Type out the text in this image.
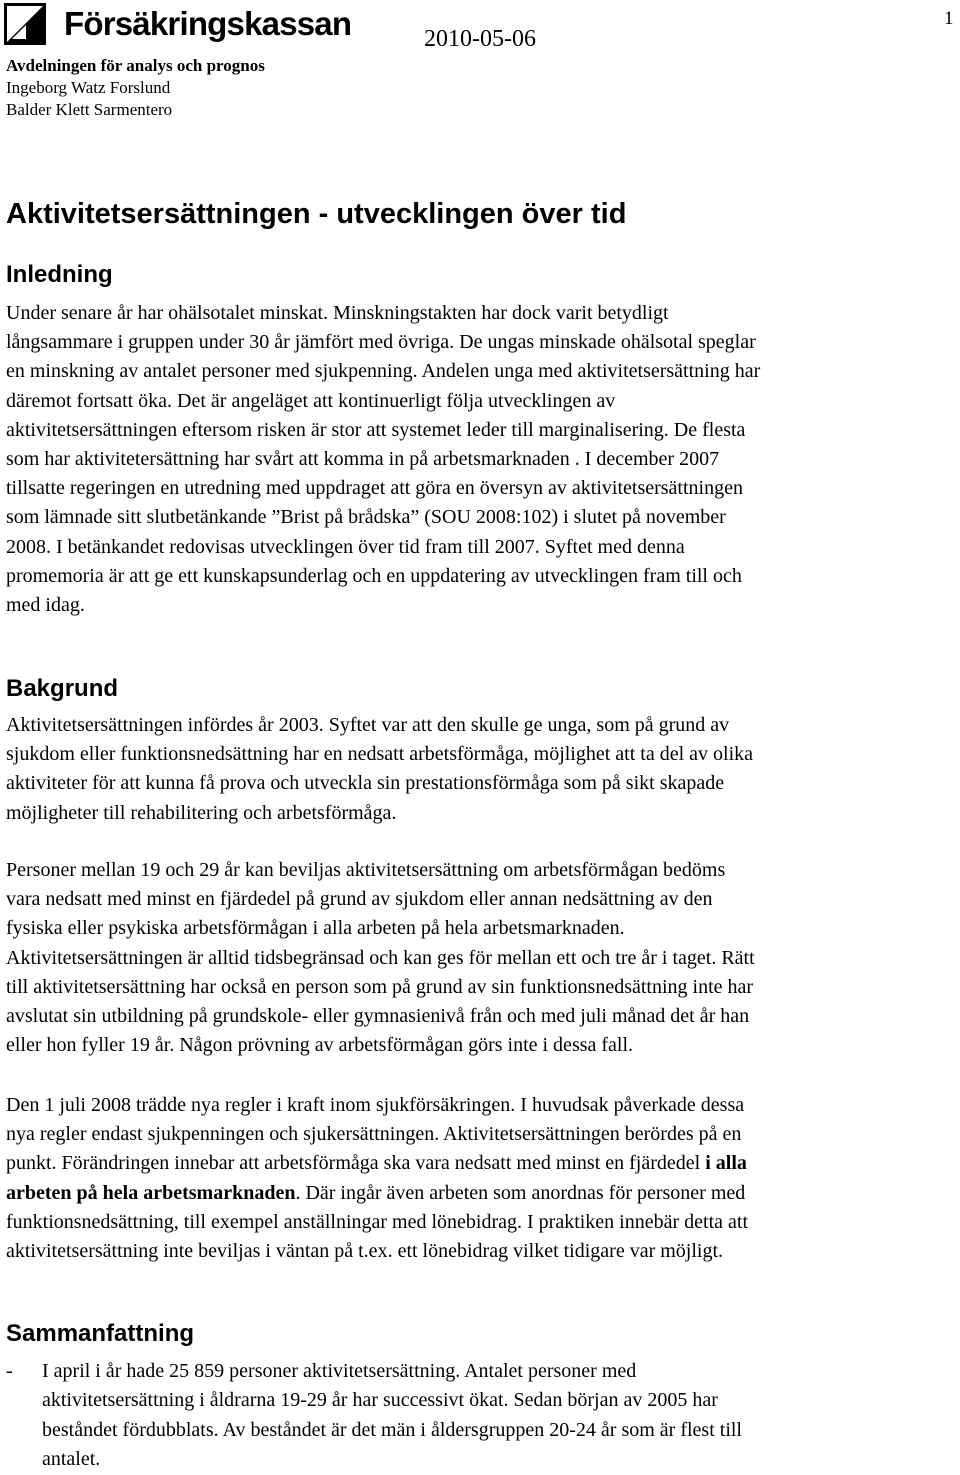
Försäkringskassan	2010-05-06
1
Avdelningen för analys och prognos
Ingeborg Watz Forslund
Balder Klett Sarmentero
Aktivitetsersättningen - utvecklingen över tid
Inledning
Under senare år har ohälsotalet minskat. Minskningstakten har dock varit betydligt
långsammare i gruppen under 30 år jämfört med övriga. De ungas minskade ohälsotal speglar
en minskning av antalet personer med sjukpenning. Andelen unga med aktivitetsersättning har
däremot fortsatt öka. Det är angeläget att kontinuerligt följa utvecklingen av
aktivitetsersättningen eftersom risken är stor att systemet leder till marginalisering. De flesta
som har aktivitetersättning har svårt att komma in på arbetsmarknaden . I december 2007
tillsatte regeringen en utredning med uppdraget att göra en översyn av aktivitetsersättningen
som lämnade sitt slutbetänkande ”Brist på brådska” (SOU 2008:102) i slutet på november
2008. I betänkandet redovisas utvecklingen över tid fram till 2007. Syftet med denna
promemoria är att ge ett kunskapsunderlag och en uppdatering av utvecklingen fram till och
med idag.
Bakgrund
Aktivitetsersättningen infördes år 2003. Syftet var att den skulle ge unga, som på grund av
sjukdom eller funktionsnedsättning har en nedsatt arbetsförmåga, möjlighet att ta del av olika
aktiviteter för att kunna få prova och utveckla sin prestationsförmåga som på sikt skapade
möjligheter till rehabilitering och arbetsförmåga.
Personer mellan 19 och 29 år kan beviljas aktivitetsersättning om arbetsförmågan bedöms
vara nedsatt med minst en fjärdedel på grund av sjukdom eller annan nedsättning av den
fysiska eller psykiska arbetsförmågan i alla arbeten på hela arbetsmarknaden.
Aktivitetsersättningen är alltid tidsbegränsad och kan ges för mellan ett och tre år i taget. Rätt
till aktivitetsersättning har också en person som på grund av sin funktionsnedsättning inte har
avslutat sin utbildning på grundskole- eller gymnasienivå från och med juli månad det år han
eller hon fyller 19 år. Någon prövning av arbetsförmågan görs inte i dessa fall.
Den 1 juli 2008 trädde nya regler i kraft inom sjukförsäkringen. I huvudsak påverkade dessa
nya regler endast sjukpenningen och sjukersättningen. Aktivitetsersättningen berördes på en
punkt. Förändringen innebar att arbetsförmåga ska vara nedsatt med minst en fjärdedel i alla
arbeten på hela arbetsmarknaden. Där ingår även arbeten som anordnas för personer med
funktionsnedsättning, till exempel anställningar med lönebidrag. I praktiken innebär detta att
aktivitetsersättning inte beviljas i väntan på t.ex. ett lönebidrag vilket tidigare var möjligt.
Sammanfattning
- I april i år hade 25 859 personer aktivitetsersättning. Antalet personer med
aktivitetsersättning i åldrarna 19-29 år har successivt ökat. Sedan början av 2005 har
beståndet fördubblats. Av beståndet är det män i åldersgruppen 20-24 år som är flest till
antalet.
